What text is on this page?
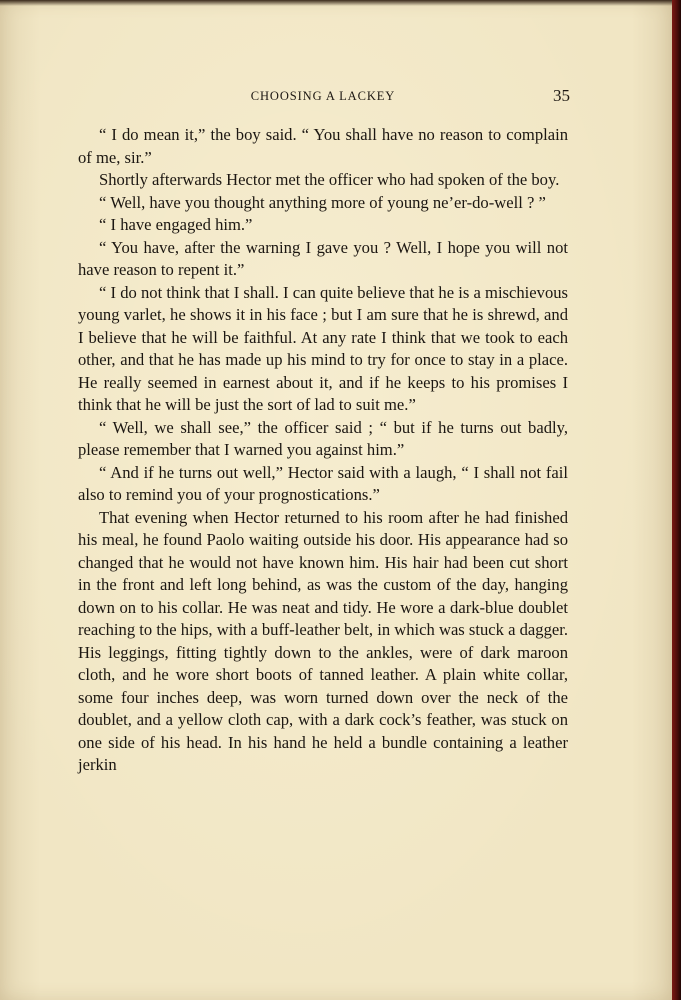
CHOOSING A LACKEY	35

“ I do mean it,” the boy said. “ You shall have no reason to complain of me, sir.”

Shortly afterwards Hector met the officer who had spoken of the boy.

“ Well, have you thought anything more of young ne’er-do-well ? ”

“ I have engaged him.”

“ You have, after the warning I gave you ? Well, I hope you will not have reason to repent it.”

“ I do not think that I shall. I can quite believe that he is a mischievous young varlet, he shows it in his face ; but I am sure that he is shrewd, and I believe that he will be faithful. At any rate I think that we took to each other, and that he has made up his mind to try for once to stay in a place. He really seemed in earnest about it, and if he keeps to his promises I think that he will be just the sort of lad to suit me.”

“ Well, we shall see,” the officer said ; “ but if he turns out badly, please remember that I warned you against him.”

“ And if he turns out well,” Hector said with a laugh, “ I shall not fail also to remind you of your prognostications.”

That evening when Hector returned to his room after he had finished his meal, he found Paolo waiting outside his door. His appearance had so changed that he would not have known him. His hair had been cut short in the front and left long behind, as was the custom of the day, hanging down on to his collar. He was neat and tidy. He wore a dark-blue doublet reaching to the hips, with a buff-leather belt, in which was stuck a dagger. His leggings, fitting tightly down to the ankles, were of dark maroon cloth, and he wore short boots of tanned leather. A plain white collar, some four inches deep, was worn turned down over the neck of the doublet, and a yellow cloth cap, with a dark cock’s feather, was stuck on one side of his head. In his hand he held a bundle containing a leather jerkin
